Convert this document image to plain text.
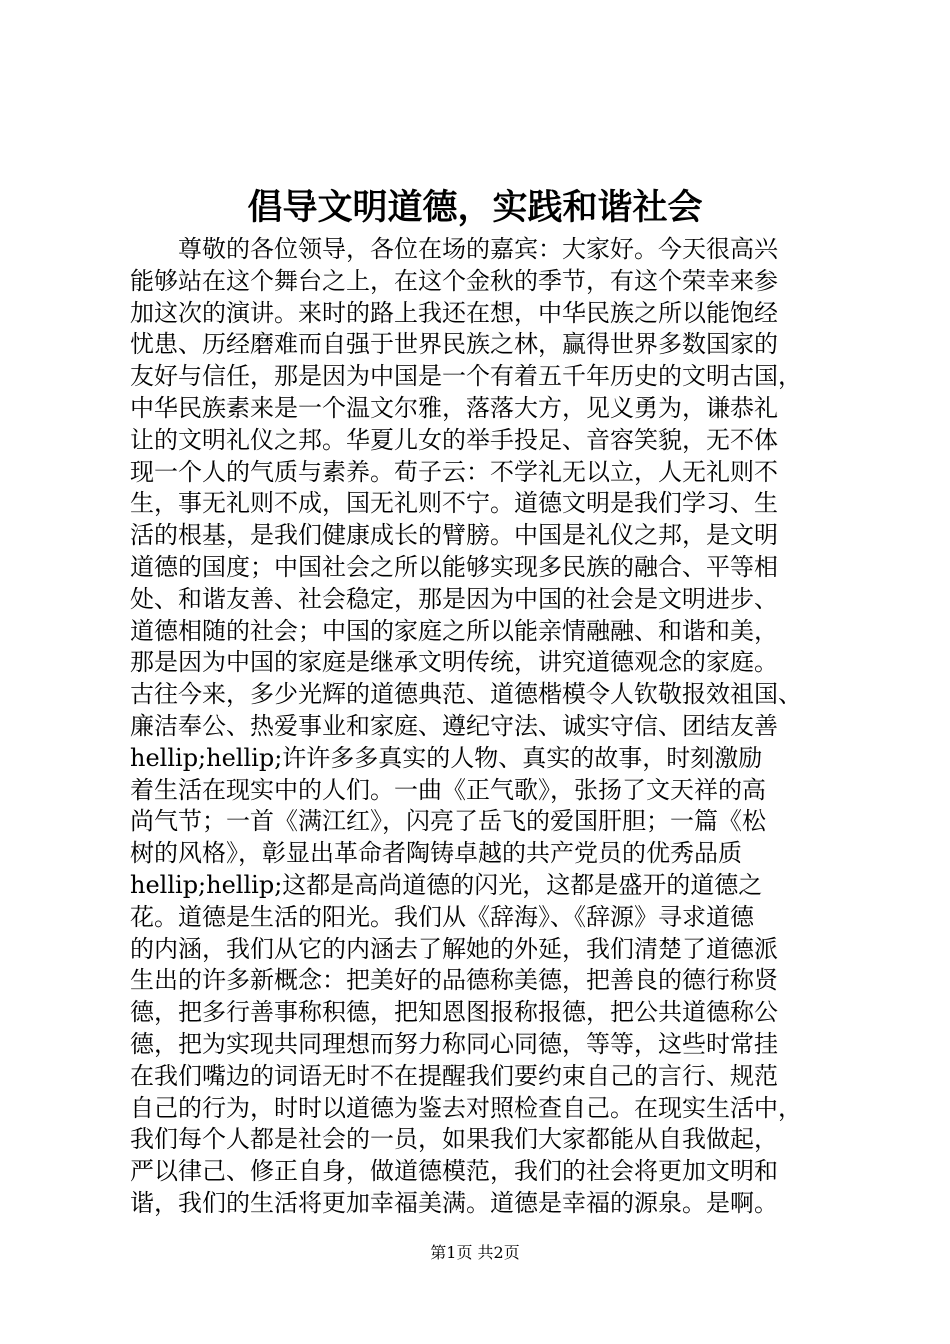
倡导文明道德，实践和谐社会
　　尊敬的各位领导，各位在场的嘉宾：大家好。今天很高兴
能够站在这个舞台之上，在这个金秋的季节，有这个荣幸来参
加这次的演讲。来时的路上我还在想，中华民族之所以能饱经
忧患、历经磨难而自强于世界民族之林，赢得世界多数国家的
友好与信任，那是因为中国是一个有着五千年历史的文明古国，
中华民族素来是一个温文尔雅，落落大方，见义勇为，谦恭礼
让的文明礼仪之邦。华夏儿女的举手投足、音容笑貌，无不体
现一个人的气质与素养。荀子云：不学礼无以立，人无礼则不
生，事无礼则不成，国无礼则不宁。道德文明是我们学习、生
活的根基，是我们健康成长的臂膀。中国是礼仪之邦，是文明
道德的国度；中国社会之所以能够实现多民族的融合、平等相
处、和谐友善、社会稳定，那是因为中国的社会是文明进步、
道德相随的社会；中国的家庭之所以能亲情融融、和谐和美，
那是因为中国的家庭是继承文明传统，讲究道德观念的家庭。
古往今来，多少光辉的道德典范、道德楷模令人钦敬报效祖国、
廉洁奉公、热爱事业和家庭、遵纪守法、诚实守信、团结友善
hellip;hellip;许许多多真实的人物、真实的故事，时刻激励
着生活在现实中的人们。一曲《正气歌》，张扬了文天祥的高
尚气节；一首《满江红》，闪亮了岳飞的爱国肝胆；一篇《松
树的风格》，彰显出革命者陶铸卓越的共产党员的优秀品质
hellip;hellip;这都是高尚道德的闪光，这都是盛开的道德之
花。道德是生活的阳光。我们从《辞海》、《辞源》寻求道德
的内涵，我们从它的内涵去了解她的外延，我们清楚了道德派
生出的许多新概念：把美好的品德称美德，把善良的德行称贤
德，把多行善事称积德，把知恩图报称报德，把公共道德称公
德，把为实现共同理想而努力称同心同德，等等，这些时常挂
在我们嘴边的词语无时不在提醒我们要约束自己的言行、规范
自己的行为，时时以道德为鉴去对照检查自己。在现实生活中，
我们每个人都是社会的一员，如果我们大家都能从自我做起，
严以律己、修正自身，做道德模范，我们的社会将更加文明和
谐，我们的生活将更加幸福美满。道德是幸福的源泉。是啊。
第1页 共2页
